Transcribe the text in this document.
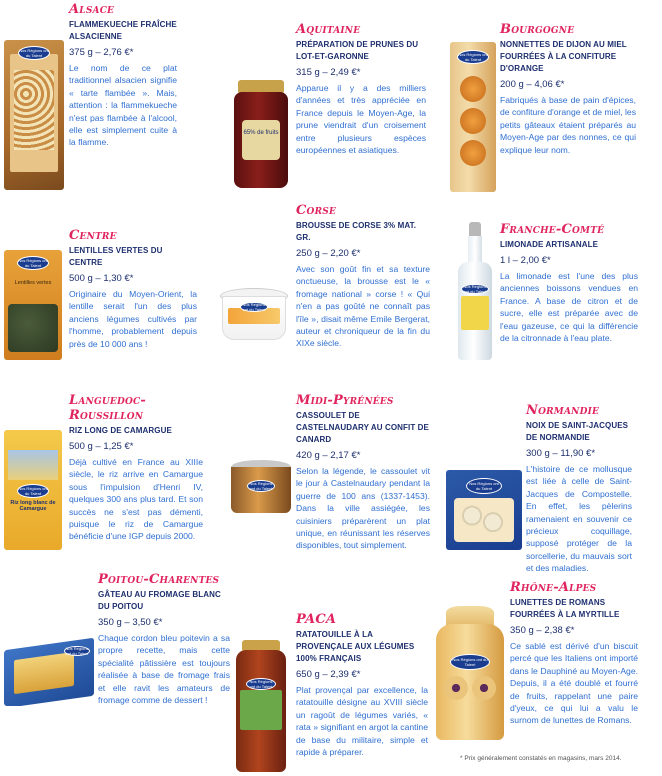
Nos Régions ont du Talent
Alsace
FLAMMEKUECHE FRAÎCHE ALSACIENNE
375 g – 2,76 €*
Le nom de ce plat traditionnel alsacien signifie « tarte flambée ». Mais, attention : la flammekueche n'est pas flambée à l'alcool, elle est simplement cuite à la flamme.
65% de fruits
Aquitaine
PRÉPARATION DE PRUNES DU LOT-ET-GARONNE
315 g – 2,49 €*
Apparue il y a des milliers d'années et très appréciée en France depuis le Moyen-Age, la prune viendrait d'un croisement entre plusieurs espèces européennes et asiatiques.
Nos Régions ont du Talent
Bourgogne
NONNETTES DE DIJON AU MIEL FOURRÉES À LA CONFITURE D'ORANGE
200 g – 4,06 €*
Fabriqués à base de pain d'épices, de confiture d'orange et de miel, les petits gâteaux étaient préparés au Moyen-Age par des nonnes, ce qui explique leur nom.
Lentilles vertes
Nos Régions ont du Talent
Centre
LENTILLES VERTES DU CENTRE
500 g – 1,30 €*
Originaire du Moyen-Orient, la lentille serait l'un des plus anciens légumes cultivés par l'homme, probablement depuis près de 10 000 ans !
Nos Régions ont du Talent
Corse
BROUSSE DE CORSE 3% MAT. GR.
250 g – 2,20 €*
Avec son goût fin et sa texture onctueuse, la brousse est le « fromage national » corse ! « Qui n'en a pas goûté ne connaît pas l'île », disait même Emile Bergerat, auteur et chroniqueur de la fin du XIXe siècle.
Nos Régions ont du Talent
Franche-Comté
LIMONADE ARTISANALE
1 l – 2,00 €*
La limonade est l'une des plus anciennes boissons vendues en France. A base de citron et de sucre, elle est préparée avec de l'eau gazeuse, ce qui la différencie de la citronnade à l'eau plate.
Riz long blanc de Camargue
Nos Régions ont du Talent
Languedoc-Roussillon
RIZ LONG DE CAMARGUE
500 g – 1,25 €*
Déjà cultivé en France au XIIIe siècle, le riz arrive en Camargue sous l'impulsion d'Henri IV, quelques 300 ans plus tard. Et son succès ne s'est pas démenti, puisque le riz de Camargue bénéficie d'une IGP depuis 2000.
Nos Régions ont du Talent
Midi-Pyrénées
CASSOULET DE CASTELNAUDARY AU CONFIT DE CANARD
420 g – 2,17 €*
Selon la légende, le cassoulet vit le jour à Castelnaudary pendant la guerre de 100 ans (1337-1453). Dans la ville assiégée, les cuisiniers préparèrent un plat unique, en réunissant les réserves disponibles, tout simplement.
Nos Régions ont du Talent
Normandie
NOIX DE SAINT-JACQUES DE NORMANDIE
300 g – 11,90 €*
L'histoire de ce mollusque est liée à celle de Saint-Jacques de Compostelle. En effet, les pèlerins ramenaient en souvenir ce précieux coquillage, supposé protéger de la sorcellerie, du mauvais sort et des maladies.
Nos Régions ont du Talent
Poitou-Charentes
GÂTEAU AU FROMAGE BLANC DU POITOU
350 g – 3,50 €*
Chaque cordon bleu poitevin a sa propre recette, mais cette spécialité pâtissière est toujours réalisée à base de fromage frais et elle ravit les amateurs de fromage comme de dessert !
Nos Régions ont du Talent
PACA
RATATOUILLE À LA PROVENÇALE AUX LÉGUMES 100% FRANÇAIS
650 g – 2,39 €*
Plat provençal par excellence, la ratatouille désigne au XVIII siècle un ragoût de légumes variés, « rata » signifiant en argot la cantine de base du militaire, simple et rapide à préparer.
Nos Régions ont du Talent
Rhône-Alpes
LUNETTES DE ROMANS FOURRÉES À LA MYRTILLE
350 g – 2,38 €*
Ce sablé est dérivé d'un biscuit percé que les Italiens ont importé dans le Dauphiné au Moyen-Age. Depuis, il a été doublé et fourré de fruits, rappelant une paire d'yeux, ce qui lui a valu le surnom de lunettes de Romans.
* Prix généralement constatés en magasins, mars 2014.
